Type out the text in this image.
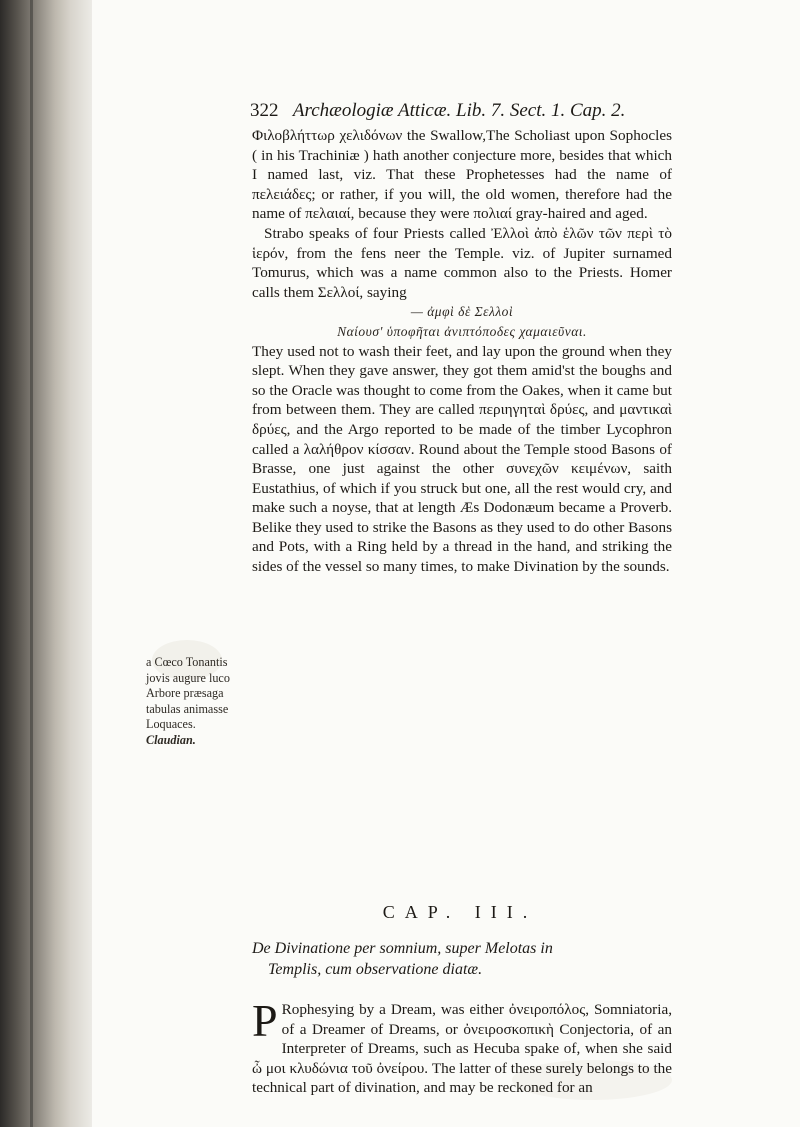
322 Archæologiæ Atticæ. Lib. 7. Sect. 1. Cap. 2.

Φιλοβλήττωρ χελιδόνων the Swallow,The Scholiast upon Sophocles ( in his Trachiniæ ) hath another conjecture more, besides that which I named last, viz. That these Prophetesses had the name of πελειάδες; or rather, if you will, the old women, therefore had the name of πελαιαί, because they were πολιαί gray-haired and aged.

Strabo speaks of four Priests called Ἐλλοὶ ἀπὸ ἑλῶν τῶν περὶ τὸ ἱερόν, from the fens neer the Temple. viz. of Jupiter surnamed Tomurus, which was a name common also to the Priests. Homer calls them Σελλοί, saying

— ἀμφὶ δὲ Σελλοὶ
Ναίουσ' ὑποφῆται ἀνιπτόποδες χαμαιεῦναι.

They used not to wash their feet, and lay upon the ground when they slept. When they gave answer, they got them amid'st the boughs and so the Oracle was thought to come from the Oakes, when it came but from between them. They are called περιηγηταὶ δρύες, and μαντικαὶ δρύες, and the Argo reported to be made of the timber Lycophron called a λαλήθρον κίσσαν. Round about the Temple stood Basons of Brasse, one just against the other συνεχῶν κειμένων, saith Eustathius, of which if you struck but one, all the rest would cry, and make such a noyse, that at length Æs Dodonæum became a Proverb. Belike they used to strike the Basons as they used to do other Basons and Pots, with a Ring held by a thread in the hand, and striking the sides of the vessel so many times, to make Divination by the sounds.

a Cœco Tonantis jovis augure luco Arbore præsaga tabulas animasse Loquaces.
Claudian.
CAP. III.
De Divinatione per somnium, super Melotas in
Templis, cum observatione diatæ.
P Rophesying by a Dream, was either ὀνειροπόλος, Somniatoria, of a Dreamer of Dreams, or ὀνειροσκοπικὴ Conjectoria, of an Interpreter of Dreams, such as Hecuba spake of, when she said ὦ μοι κλυδώνια τοῦ ὀνείρου. The latter of these surely belongs to the technical part of divination, and may be reckoned for an
